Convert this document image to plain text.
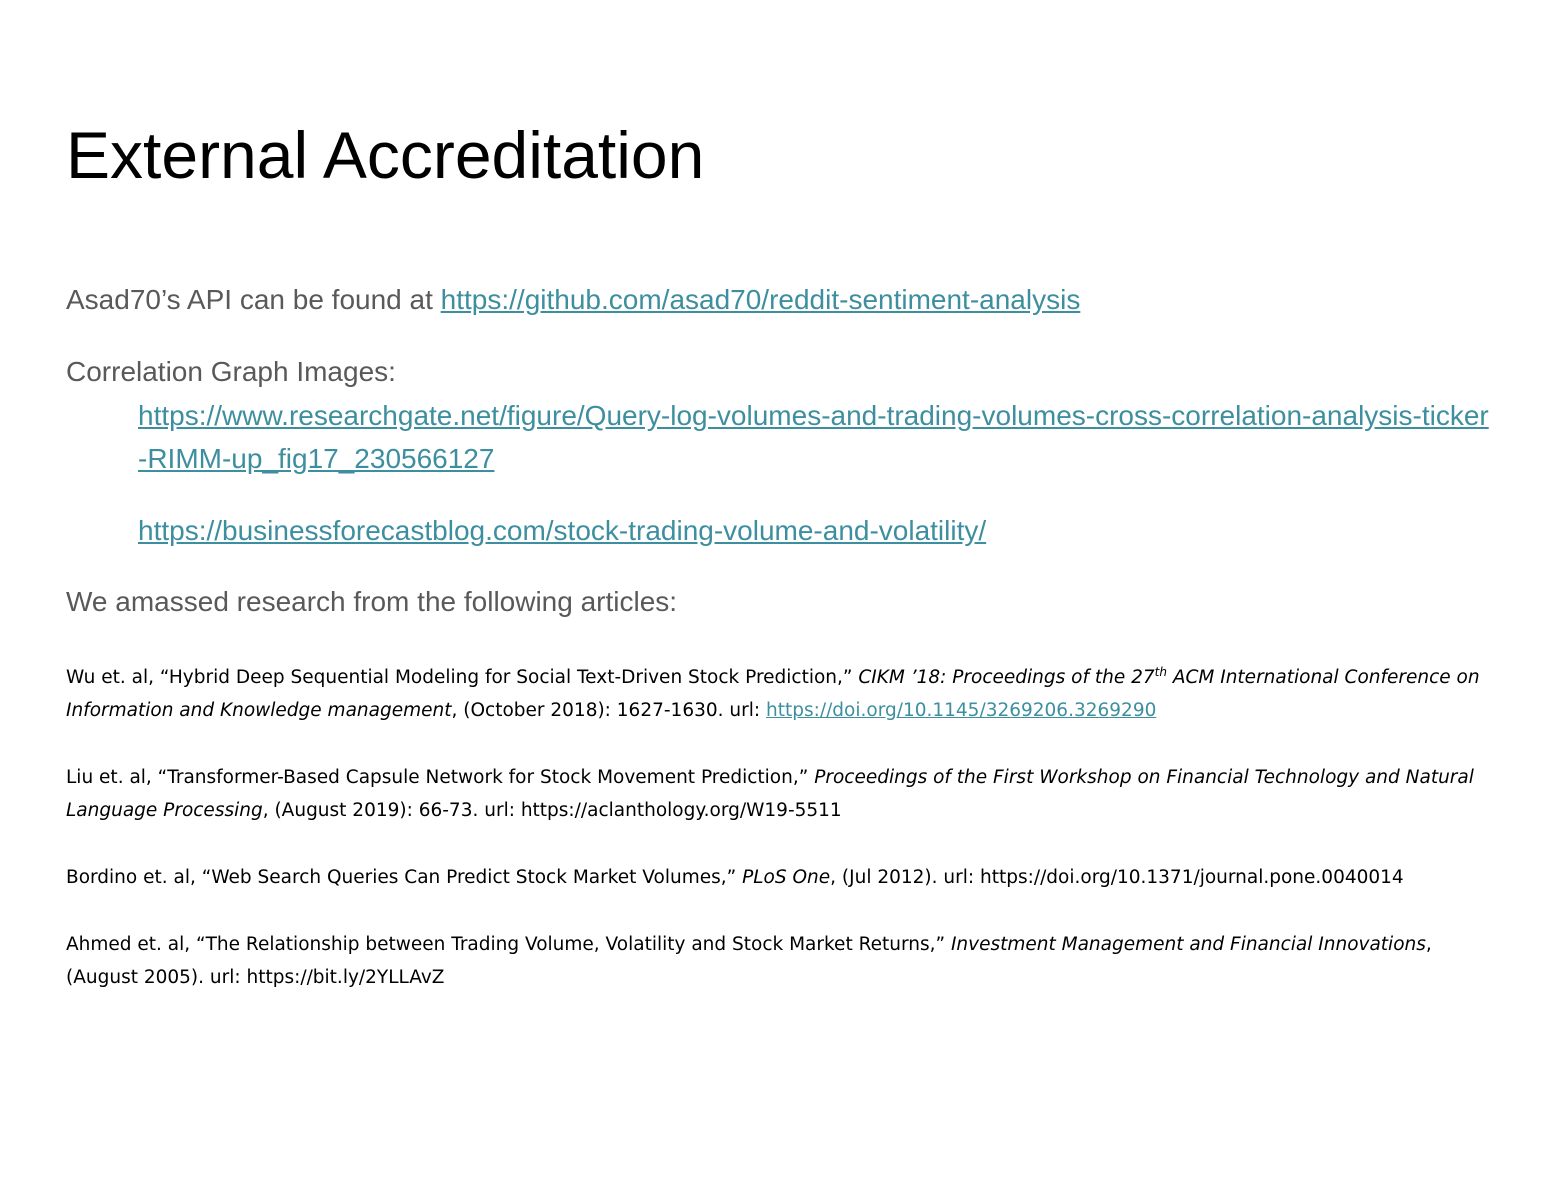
External Accreditation
Asad70’s API can be found at https://github.com/asad70/reddit-sentiment-analysis
Correlation Graph Images:
https://www.researchgate.net/figure/Query-log-volumes-and-trading-volumes-cross-correlation-analysis-ticker-RIMM-up_fig17_230566127
https://businessforecastblog.com/stock-trading-volume-and-volatility/
We amassed research from the following articles:
Wu et. al, “Hybrid Deep Sequential Modeling for Social Text-Driven Stock Prediction,” CIKM ’18: Proceedings of the 27th ACM International Conference on Information and Knowledge management, (October 2018): 1627-1630. url: https://doi.org/10.1145/3269206.3269290
Liu et. al, “Transformer-Based Capsule Network for Stock Movement Prediction,” Proceedings of the First Workshop on Financial Technology and Natural Language Processing, (August 2019): 66-73. url: https://aclanthology.org/W19-5511
Bordino et. al, “Web Search Queries Can Predict Stock Market Volumes,” PLoS One, (Jul 2012). url: https://doi.org/10.1371/journal.pone.0040014
Ahmed et. al, “The Relationship between Trading Volume, Volatility and Stock Market Returns,” Investment Management and Financial Innovations, (August 2005). url: https://bit.ly/2YLLAvZ
